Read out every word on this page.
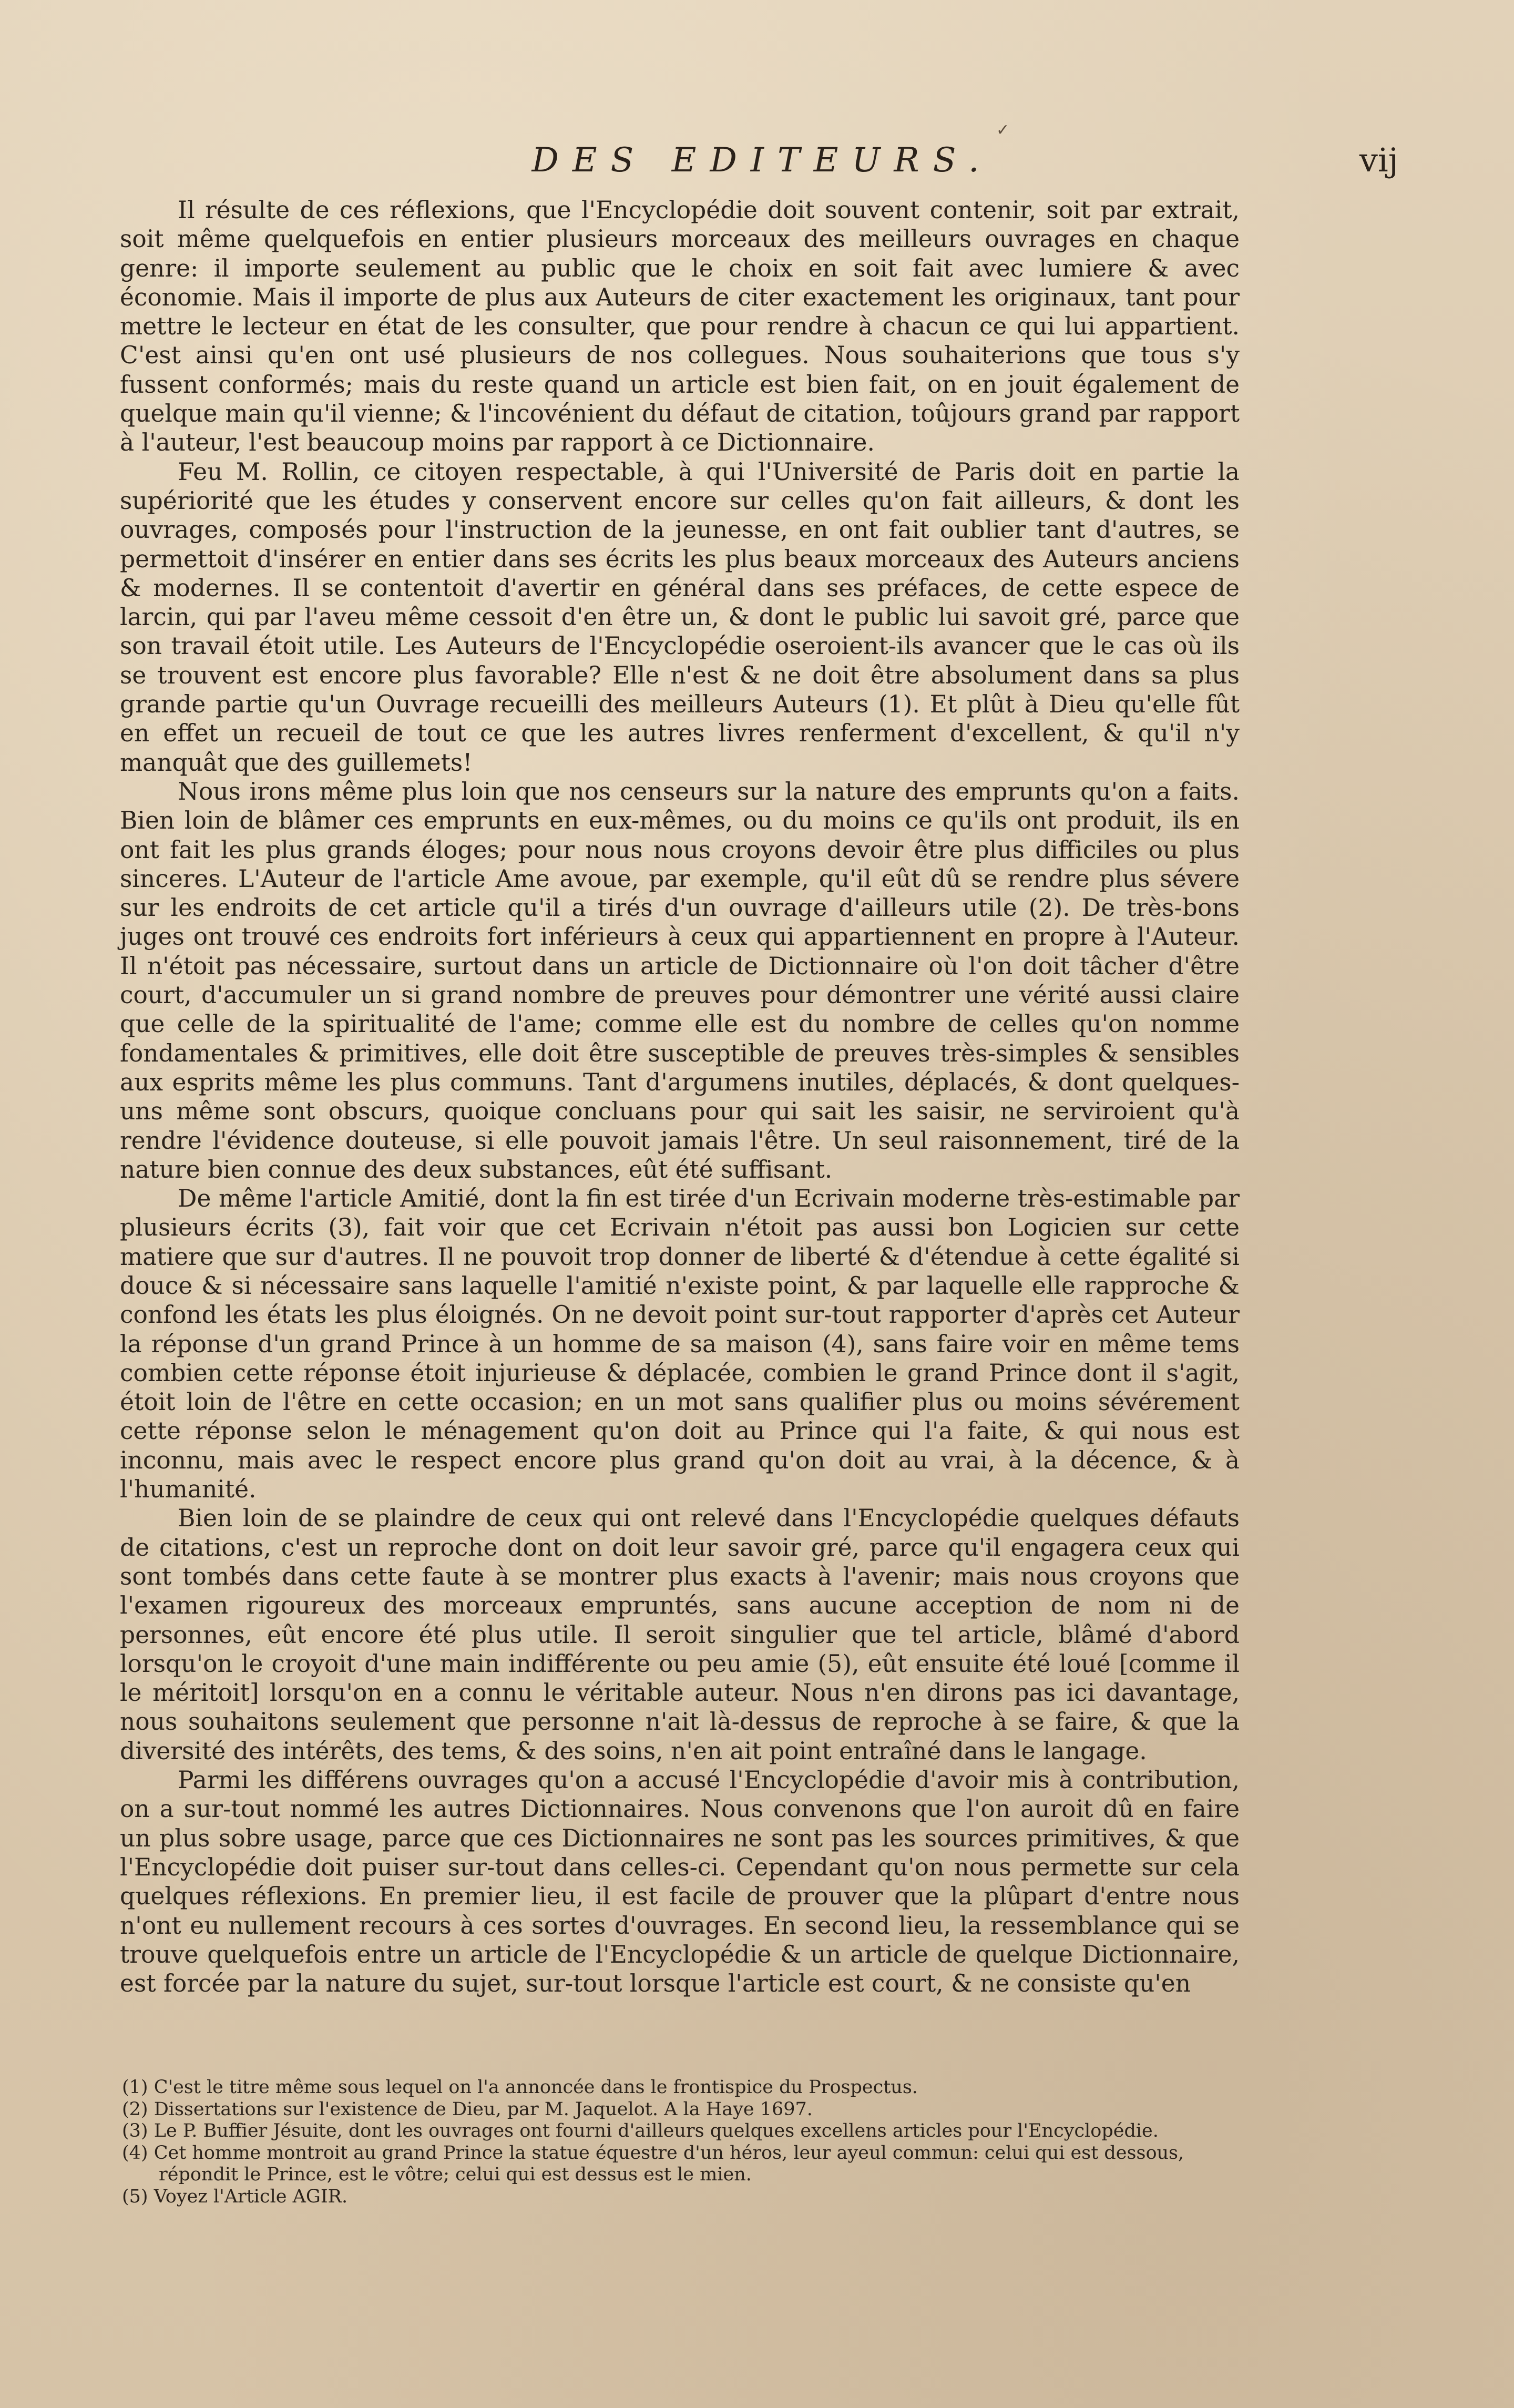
✓
DES EDITEURS.	vij

Il résulte de ces réflexions, que l'Encyclopédie doit souvent contenir, soit par extrait, soit même quelquefois en entier plusieurs morceaux des meilleurs ouvrages en chaque genre: il importe seulement au public que le choix en soit fait avec lumiere & avec économie. Mais il importe de plus aux Auteurs de citer exactement les originaux, tant pour mettre le lecteur en état de les consulter, que pour rendre à chacun ce qui lui appartient. C'est ainsi qu'en ont usé plusieurs de nos collegues. Nous souhaiterions que tous s'y fussent conformés; mais du reste quand un article est bien fait, on en jouit également de quelque main qu'il vienne; & l'incovénient du défaut de citation, toûjours grand par rapport à l'auteur, l'est beaucoup moins par rapport à ce Dictionnaire.

Feu M. Rollin, ce citoyen respectable, à qui l'Université de Paris doit en partie la supériorité que les études y conservent encore sur celles qu'on fait ailleurs, & dont les ouvrages, composés pour l'instruction de la jeunesse, en ont fait oublier tant d'autres, se permettoit d'insérer en entier dans ses écrits les plus beaux morceaux des Auteurs anciens & modernes. Il se contentoit d'avertir en général dans ses préfaces, de cette espece de larcin, qui par l'aveu même cessoit d'en être un, & dont le public lui savoit gré, parce que son travail étoit utile. Les Auteurs de l'Encyclopédie oseroient-ils avancer que le cas où ils se trouvent est encore plus favorable? Elle n'est & ne doit être absolument dans sa plus grande partie qu'un Ouvrage recueilli des meilleurs Auteurs (1). Et plût à Dieu qu'elle fût en effet un recueil de tout ce que les autres livres renferment d'excellent, & qu'il n'y manquât que des guillemets!

Nous irons même plus loin que nos censeurs sur la nature des emprunts qu'on a faits. Bien loin de blâmer ces emprunts en eux-mêmes, ou du moins ce qu'ils ont produit, ils en ont fait les plus grands éloges; pour nous nous croyons devoir être plus difficiles ou plus sinceres. L'Auteur de l'article Ame avoue, par exemple, qu'il eût dû se rendre plus sévere sur les endroits de cet article qu'il a tirés d'un ouvrage d'ailleurs utile (2). De très-bons juges ont trouvé ces endroits fort inférieurs à ceux qui appartiennent en propre à l'Auteur. Il n'étoit pas nécessaire, surtout dans un article de Dictionnaire où l'on doit tâcher d'être court, d'accumuler un si grand nombre de preuves pour démontrer une vérité aussi claire que celle de la spiritualité de l'ame; comme elle est du nombre de celles qu'on nomme fondamentales & primitives, elle doit être susceptible de preuves très-simples & sensibles aux esprits même les plus communs. Tant d'argumens inutiles, déplacés, & dont quelques-uns même sont obscurs, quoique concluans pour qui sait les saisir, ne serviroient qu'à rendre l'évidence douteuse, si elle pouvoit jamais l'être. Un seul raisonnement, tiré de la nature bien connue des deux substances, eût été suffisant.

De même l'article Amitié, dont la fin est tirée d'un Ecrivain moderne très-estimable par plusieurs écrits (3), fait voir que cet Ecrivain n'étoit pas aussi bon Logicien sur cette matiere que sur d'autres. Il ne pouvoit trop donner de liberté & d'étendue à cette égalité si douce & si nécessaire sans laquelle l'amitié n'existe point, & par laquelle elle rapproche & confond les états les plus éloignés. On ne devoit point sur-tout rapporter d'après cet Auteur la réponse d'un grand Prince à un homme de sa maison (4), sans faire voir en même tems combien cette réponse étoit injurieuse & déplacée, combien le grand Prince dont il s'agit, étoit loin de l'être en cette occasion; en un mot sans qualifier plus ou moins sévérement cette réponse selon le ménagement qu'on doit au Prince qui l'a faite, & qui nous est inconnu, mais avec le respect encore plus grand qu'on doit au vrai, à la décence, & à l'humanité.

Bien loin de se plaindre de ceux qui ont relevé dans l'Encyclopédie quelques défauts de citations, c'est un reproche dont on doit leur savoir gré, parce qu'il engagera ceux qui sont tombés dans cette faute à se montrer plus exacts à l'avenir; mais nous croyons que l'examen rigoureux des morceaux empruntés, sans aucune acception de nom ni de personnes, eût encore été plus utile. Il seroit singulier que tel article, blâmé d'abord lorsqu'on le croyoit d'une main indifférente ou peu amie (5), eût ensuite été loué [comme il le méritoit] lorsqu'on en a connu le véritable auteur. Nous n'en dirons pas ici davantage, nous souhaitons seulement que personne n'ait là-dessus de reproche à se faire, & que la diversité des intérêts, des tems, & des soins, n'en ait point entraîné dans le langage.

Parmi les différens ouvrages qu'on a accusé l'Encyclopédie d'avoir mis à contribution, on a sur-tout nommé les autres Dictionnaires. Nous convenons que l'on auroit dû en faire un plus sobre usage, parce que ces Dictionnaires ne sont pas les sources primitives, & que l'Encyclopédie doit puiser sur-tout dans celles-ci. Cependant qu'on nous permette sur cela quelques réflexions. En premier lieu, il est facile de prouver que la plûpart d'entre nous n'ont eu nullement recours à ces sortes d'ouvrages. En second lieu, la ressemblance qui se trouve quelquefois entre un article de l'Encyclopédie & un article de quelque Dictionnaire, est forcée par la nature du sujet, sur-tout lorsque l'article est court, & ne consiste qu'en

(1) C'est le titre même sous lequel on l'a annoncée dans le frontispice du Prospectus.

(2) Dissertations sur l'existence de Dieu, par M. Jaquelot. A la Haye 1697.

(3) Le P. Buffier Jésuite, dont les ouvrages ont fourni d'ailleurs quelques excellens articles pour l'Encyclopédie.

(4) Cet homme montroit au grand Prince la statue équestre d'un héros, leur ayeul commun: celui qui est dessous, répondit le Prince, est le vôtre; celui qui est dessus est le mien.

(5) Voyez l'Article AGIR.
